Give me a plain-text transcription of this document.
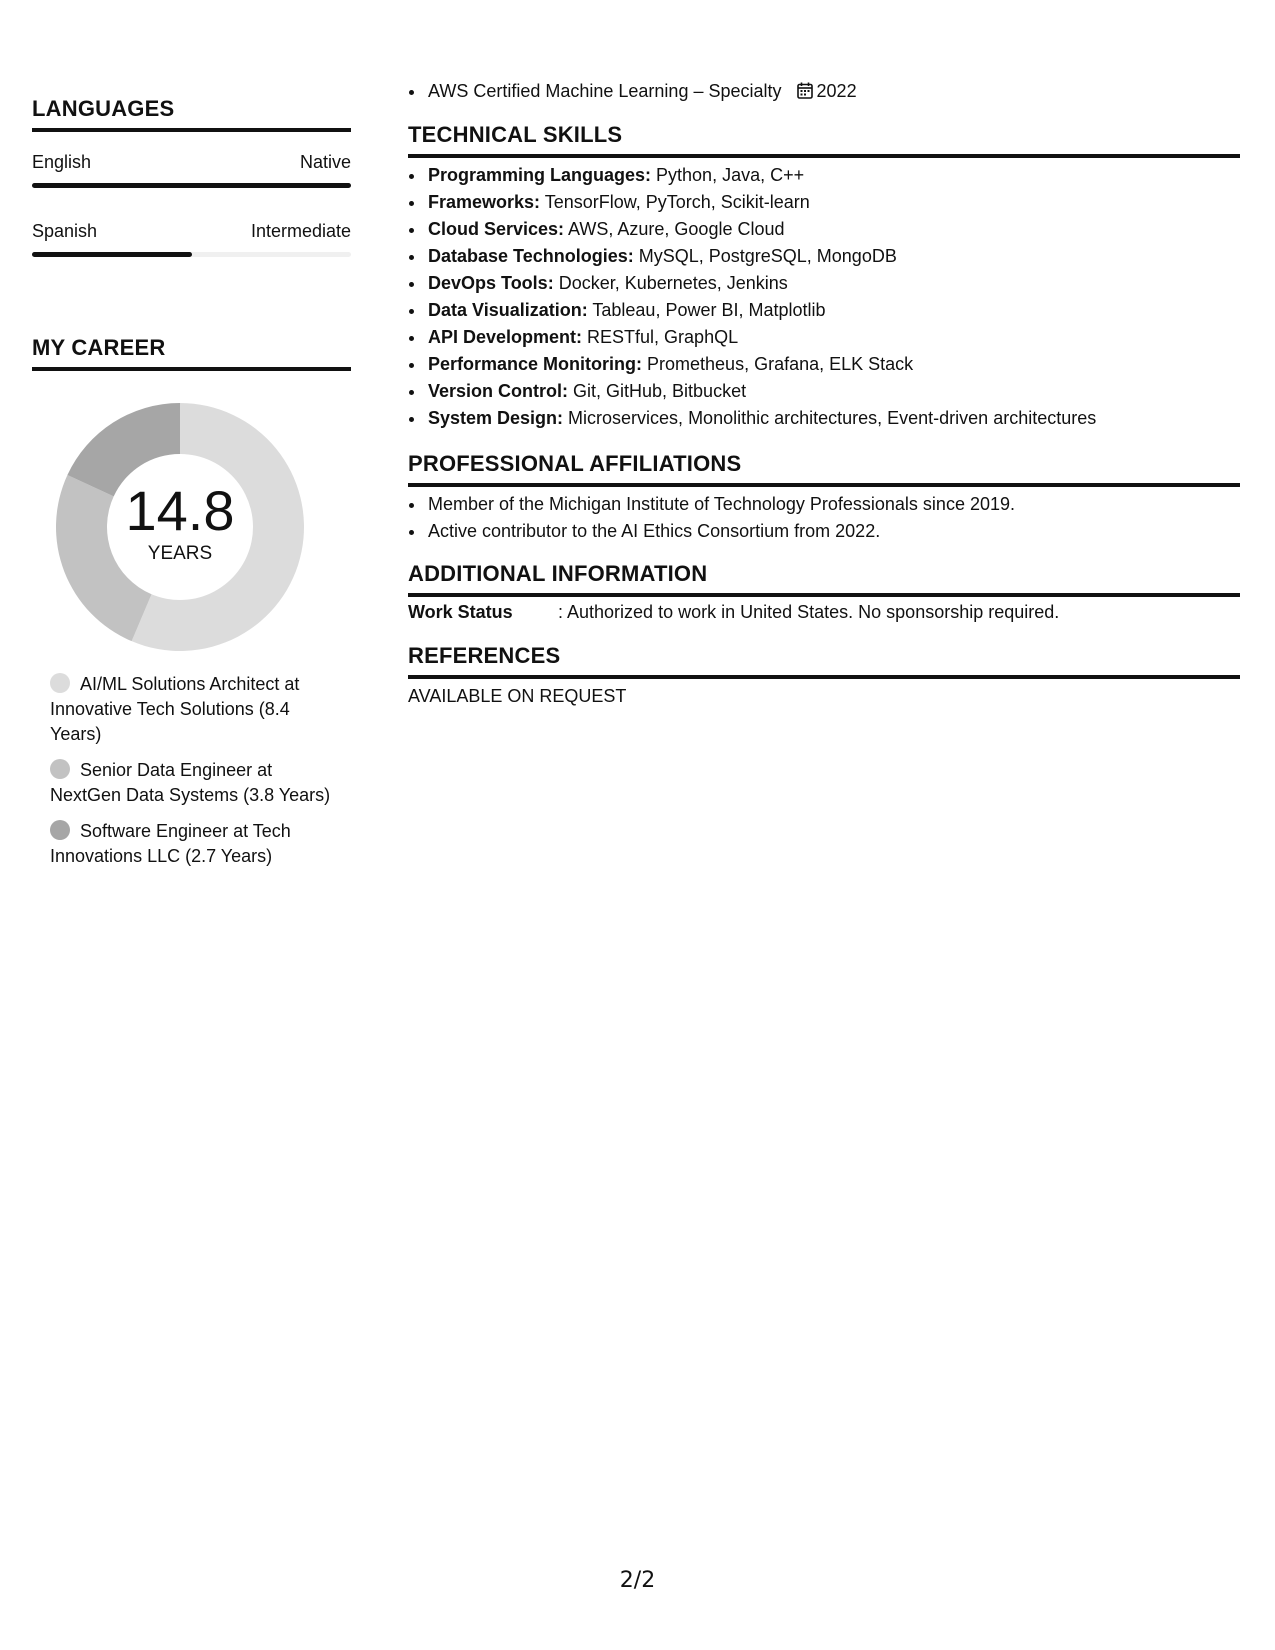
LANGUAGES
English	Native
Spanish	Intermediate
MY CAREER
14.8
YEARS
AI/ML Solutions Architect at Innovative Tech Solutions (8.4 Years)
Senior Data Engineer at NextGen Data Systems (3.8 Years)
Software Engineer at Tech Innovations LLC (2.7 Years)
• AWS Certified Machine Learning – Specialty 2022
TECHNICAL SKILLS
• Programming Languages: Python, Java, C++
• Frameworks: TensorFlow, PyTorch, Scikit-learn
• Cloud Services: AWS, Azure, Google Cloud
• Database Technologies: MySQL, PostgreSQL, MongoDB
• DevOps Tools: Docker, Kubernetes, Jenkins
• Data Visualization: Tableau, Power BI, Matplotlib
• API Development: RESTful, GraphQL
• Performance Monitoring: Prometheus, Grafana, ELK Stack
• Version Control: Git, GitHub, Bitbucket
• System Design: Microservices, Monolithic architectures, Event-driven architectures
PROFESSIONAL AFFILIATIONS
• Member of the Michigan Institute of Technology Professionals since 2019.
• Active contributor to the AI Ethics Consortium from 2022.
ADDITIONAL INFORMATION
Work Status	: Authorized to work in United States. No sponsorship required.
REFERENCES
AVAILABLE ON REQUEST
2/2
